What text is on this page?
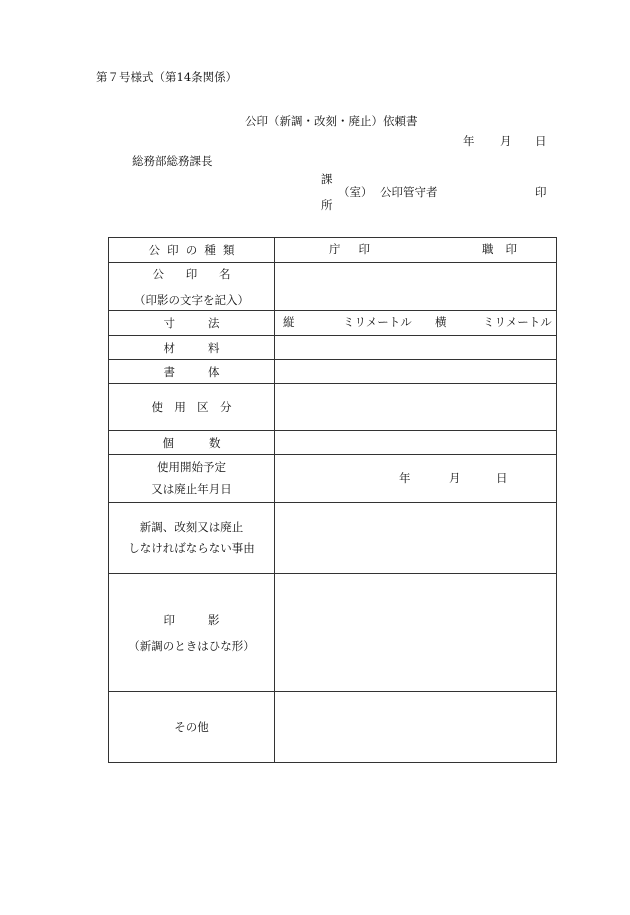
第７号様式（第14条関係）
公印（新調・改刻・廃止）依頼書
年 月 日
総務部総務課長
課
（室） 公印管守者	印
所
公 印 の 種 類	庁 印 職 印

公 印 名
（印影の文字を記入）	

寸 法	縦 ミリメートル 横 ミリメートル

材 料	

書 体	

使 用 区 分	

個 数	

使用開始予定
又は廃止年月日	年 月 日

新調、改刻又は廃止
しなければならない事由	

印 影
（新調のときはひな形）	

その他	
